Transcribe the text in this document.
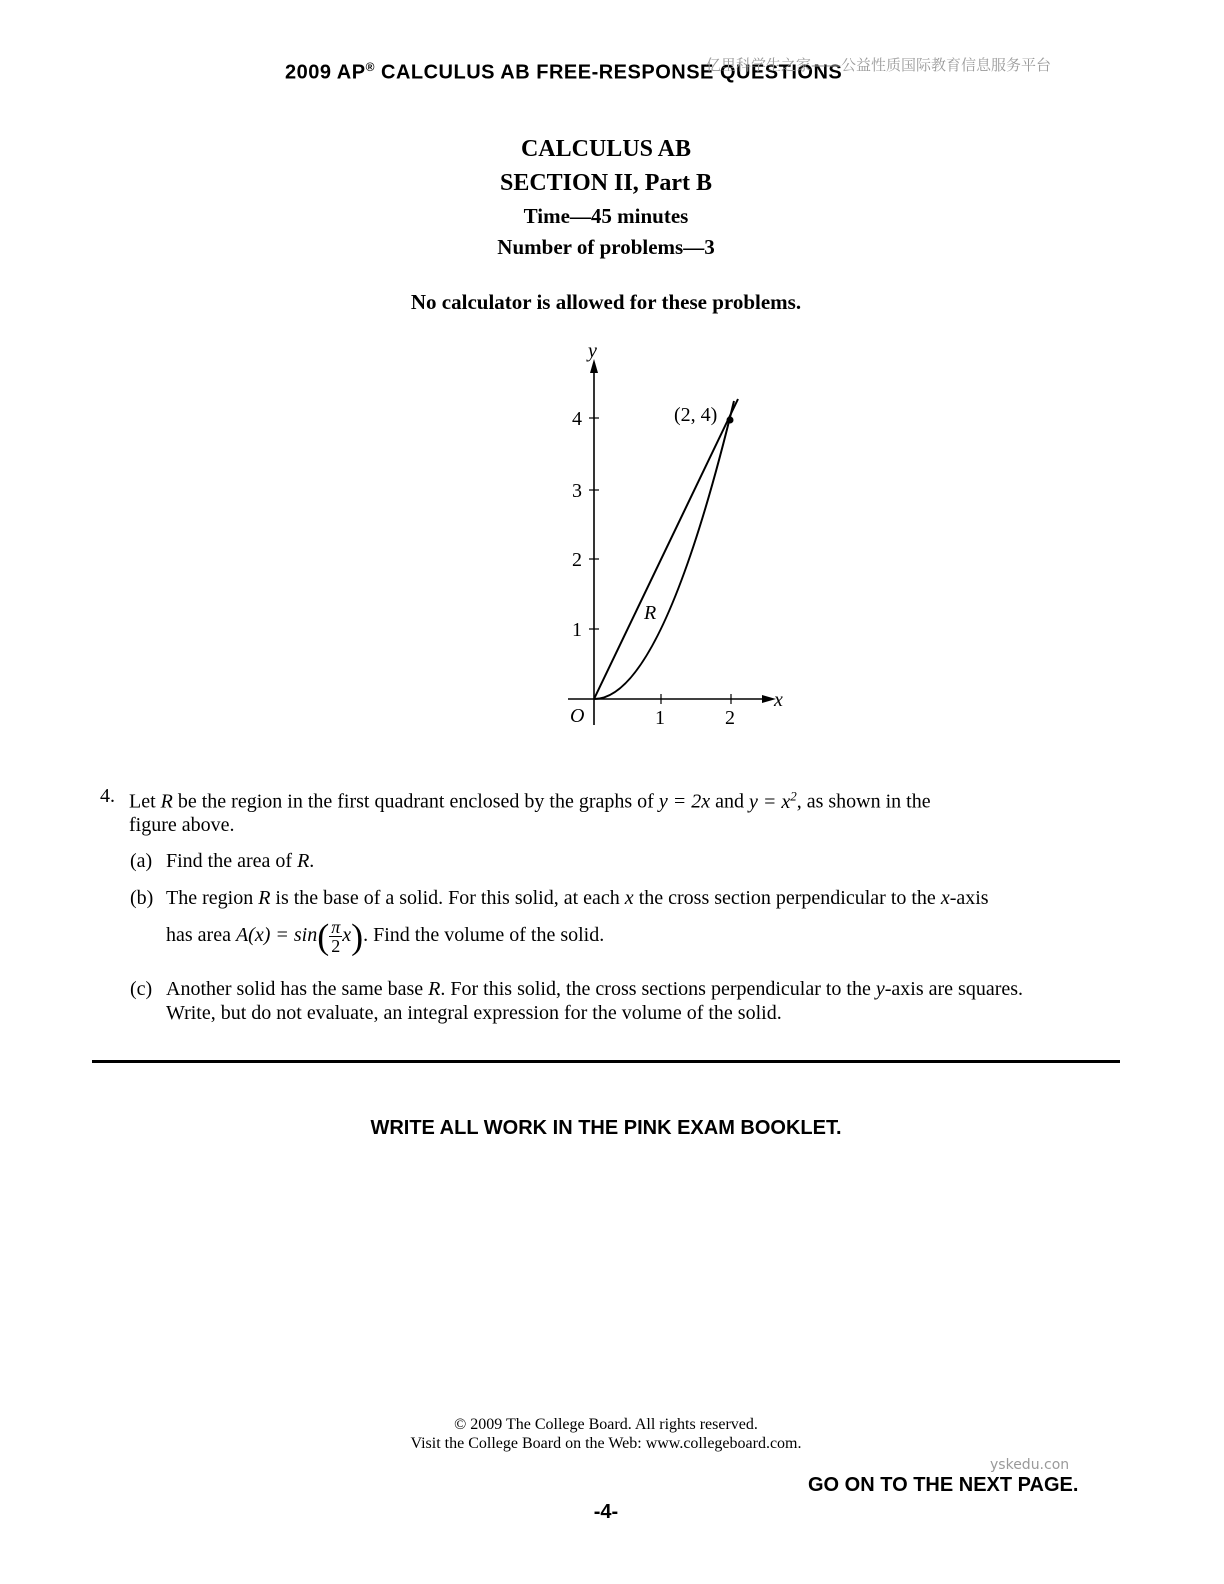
2009 AP® CALCULUS AB FREE-RESPONSE QUESTIONS
亿里科学生之家——公益性质国际教育信息服务平台
CALCULUS AB
SECTION II, Part B
Time—45 minutes
Number of problems—3
No calculator is allowed for these problems.
y
x
O
1
2
3
4
1	2
(2, 4)
R
4. Let R be the region in the first quadrant enclosed by the graphs of y = 2x and $y = x^2$, as shown in the
figure above.
(a) Find the area of R.
(b) The region R is the base of a solid. For this solid, at each x the cross section perpendicular to the x-axis
has area $A(x) = \sin( \frac{\pi}{2} x)$. Find the volume of the solid.
(c) Another solid has the same base R. For this solid, the cross sections perpendicular to the y-axis are squares.
Write, but do not evaluate, an integral expression for the volume of the solid.
WRITE ALL WORK IN THE PINK EXAM BOOKLET.
© 2009 The College Board. All rights reserved.
Visit the College Board on the Web: www.collegeboard.com.
yskedu.con
GO ON TO THE NEXT PAGE.
-4-
